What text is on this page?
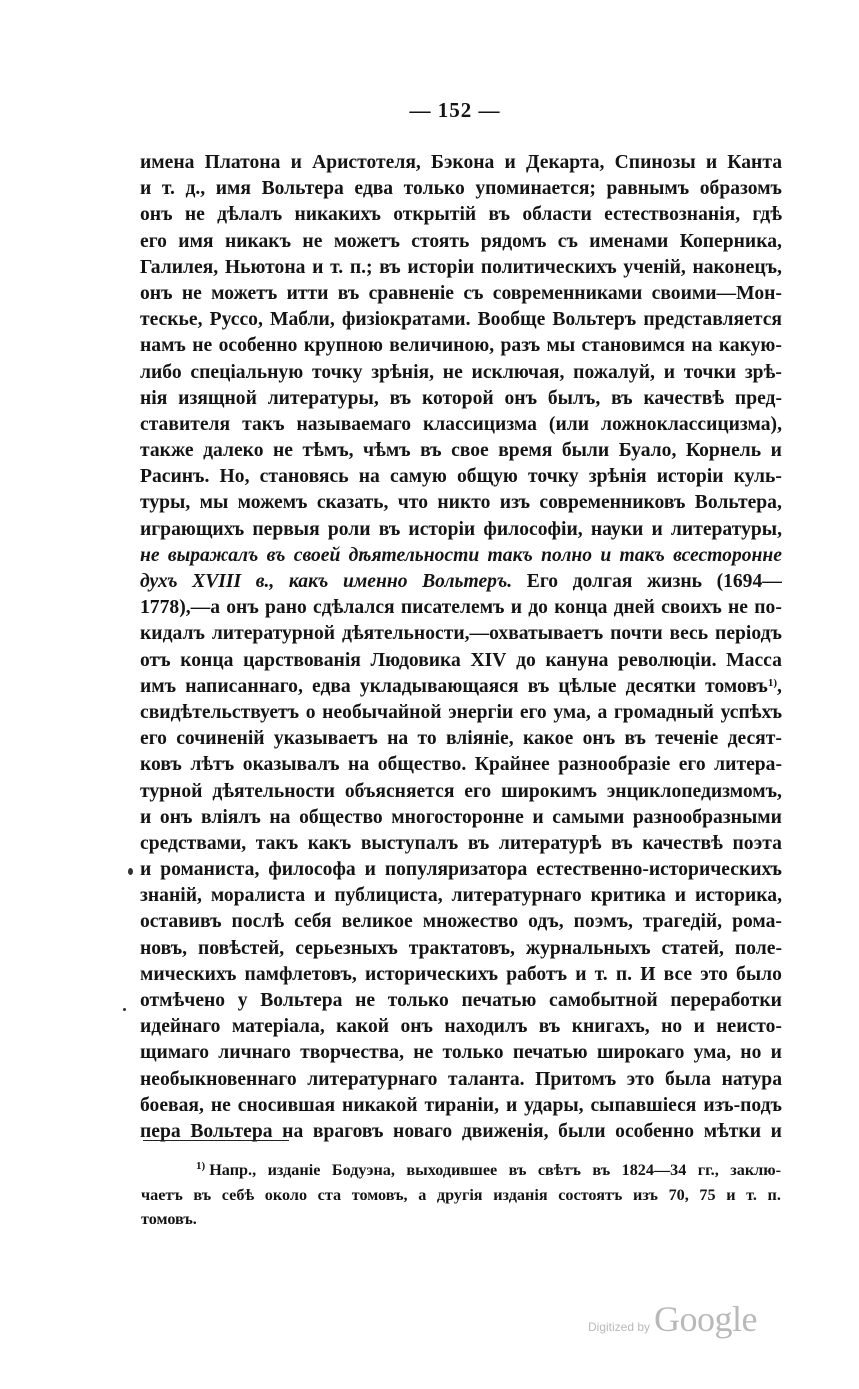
— 152 —
имена Платона и Аристотеля, Бэкона и Декарта, Спинозы и Канта
и т. д., имя Вольтера едва только упоминается; равнымъ образомъ
онъ не дѣлалъ никакихъ открытій въ области естествознанія, гдѣ
его имя никакъ не можетъ стоять рядомъ съ именами Коперника,
Галилея, Ньютона и т. п.; въ исторіи политическихъ ученій, наконецъ,
онъ не можетъ итти въ сравненіе съ современниками своими—Мон-
тескье, Руссо, Мабли, физіократами. Вообще Вольтеръ представляется
намъ не особенно крупною величиною, разъ мы становимся на какую-
либо спеціальную точку зрѣнія, не исключая, пожалуй, и точки зрѣ-
нія изящной литературы, въ которой онъ былъ, въ качествѣ пред-
ставителя такъ называемаго классицизма (или ложноклассицизма),
также далеко не тѣмъ, чѣмъ въ свое время были Буало, Корнель и
Расинъ. Но, становясь на самую общую точку зрѣнія исторіи куль-
туры, мы можемъ сказать, что никто изъ современниковъ Вольтера,
играющихъ первыя роли въ исторіи философіи, науки и литературы,
не выражалъ въ своей дѣятельности такъ полно и такъ всесторонне
духъ XVIII в., какъ именно Вольтеръ. Его долгая жизнь (1694—
1778),—а онъ рано сдѣлался писателемъ и до конца дней своихъ не по-
кидалъ литературной дѣятельности,—охватываетъ почти весь періодъ
отъ конца царствованія Людовика XIV до кануна революціи. Масса
имъ написаннаго, едва укладывающаяся въ цѣлые десятки томовъ$^{1)}$,
свидѣтельствуетъ о необычайной энергіи его ума, а громадный успѣхъ
его сочиненій указываетъ на то вліяніе, какое онъ въ теченіе десят-
ковъ лѣтъ оказывалъ на общество. Крайнее разнообразіе его литера-
турной дѣятельности объясняется его широкимъ энциклопедизмомъ,
и онъ вліялъ на общество многосторонне и самыми разнообразными
средствами, такъ какъ выступалъ въ литературѣ въ качествѣ поэта
и романиста, философа и популяризатора естественно-историческихъ
знаній, моралиста и публициста, литературнаго критика и историка,
оставивъ послѣ себя великое множество одъ, поэмъ, трагедій, рома-
новъ, повѣстей, серьезныхъ трактатовъ, журнальныхъ статей, поле-
мическихъ памфлетовъ, историческихъ работъ и т. п. И все это было
отмѣчено у Вольтера не только печатью самобытной переработки
идейнаго матеріала, какой онъ находилъ въ книгахъ, но и неисто-
щимаго личнаго творчества, не только печатью широкаго ума, но и
необыкновеннаго литературнаго таланта. Притомъ это была натура
боевая, не сносившая никакой тираніи, и удары, сыпавшіеся изъ-подъ
пера Вольтера на враговъ новаго движенія, были особенно мѣтки и
$^{1)}$ Напр., изданіе Бодуэна, выходившее въ свѣтъ въ 1824—34 гг., заклю-
чаетъ въ себѣ около ста томовъ, а другія изданія состоятъ изъ 70, 75 и т. п.
томовъ.
Digitized by Google
